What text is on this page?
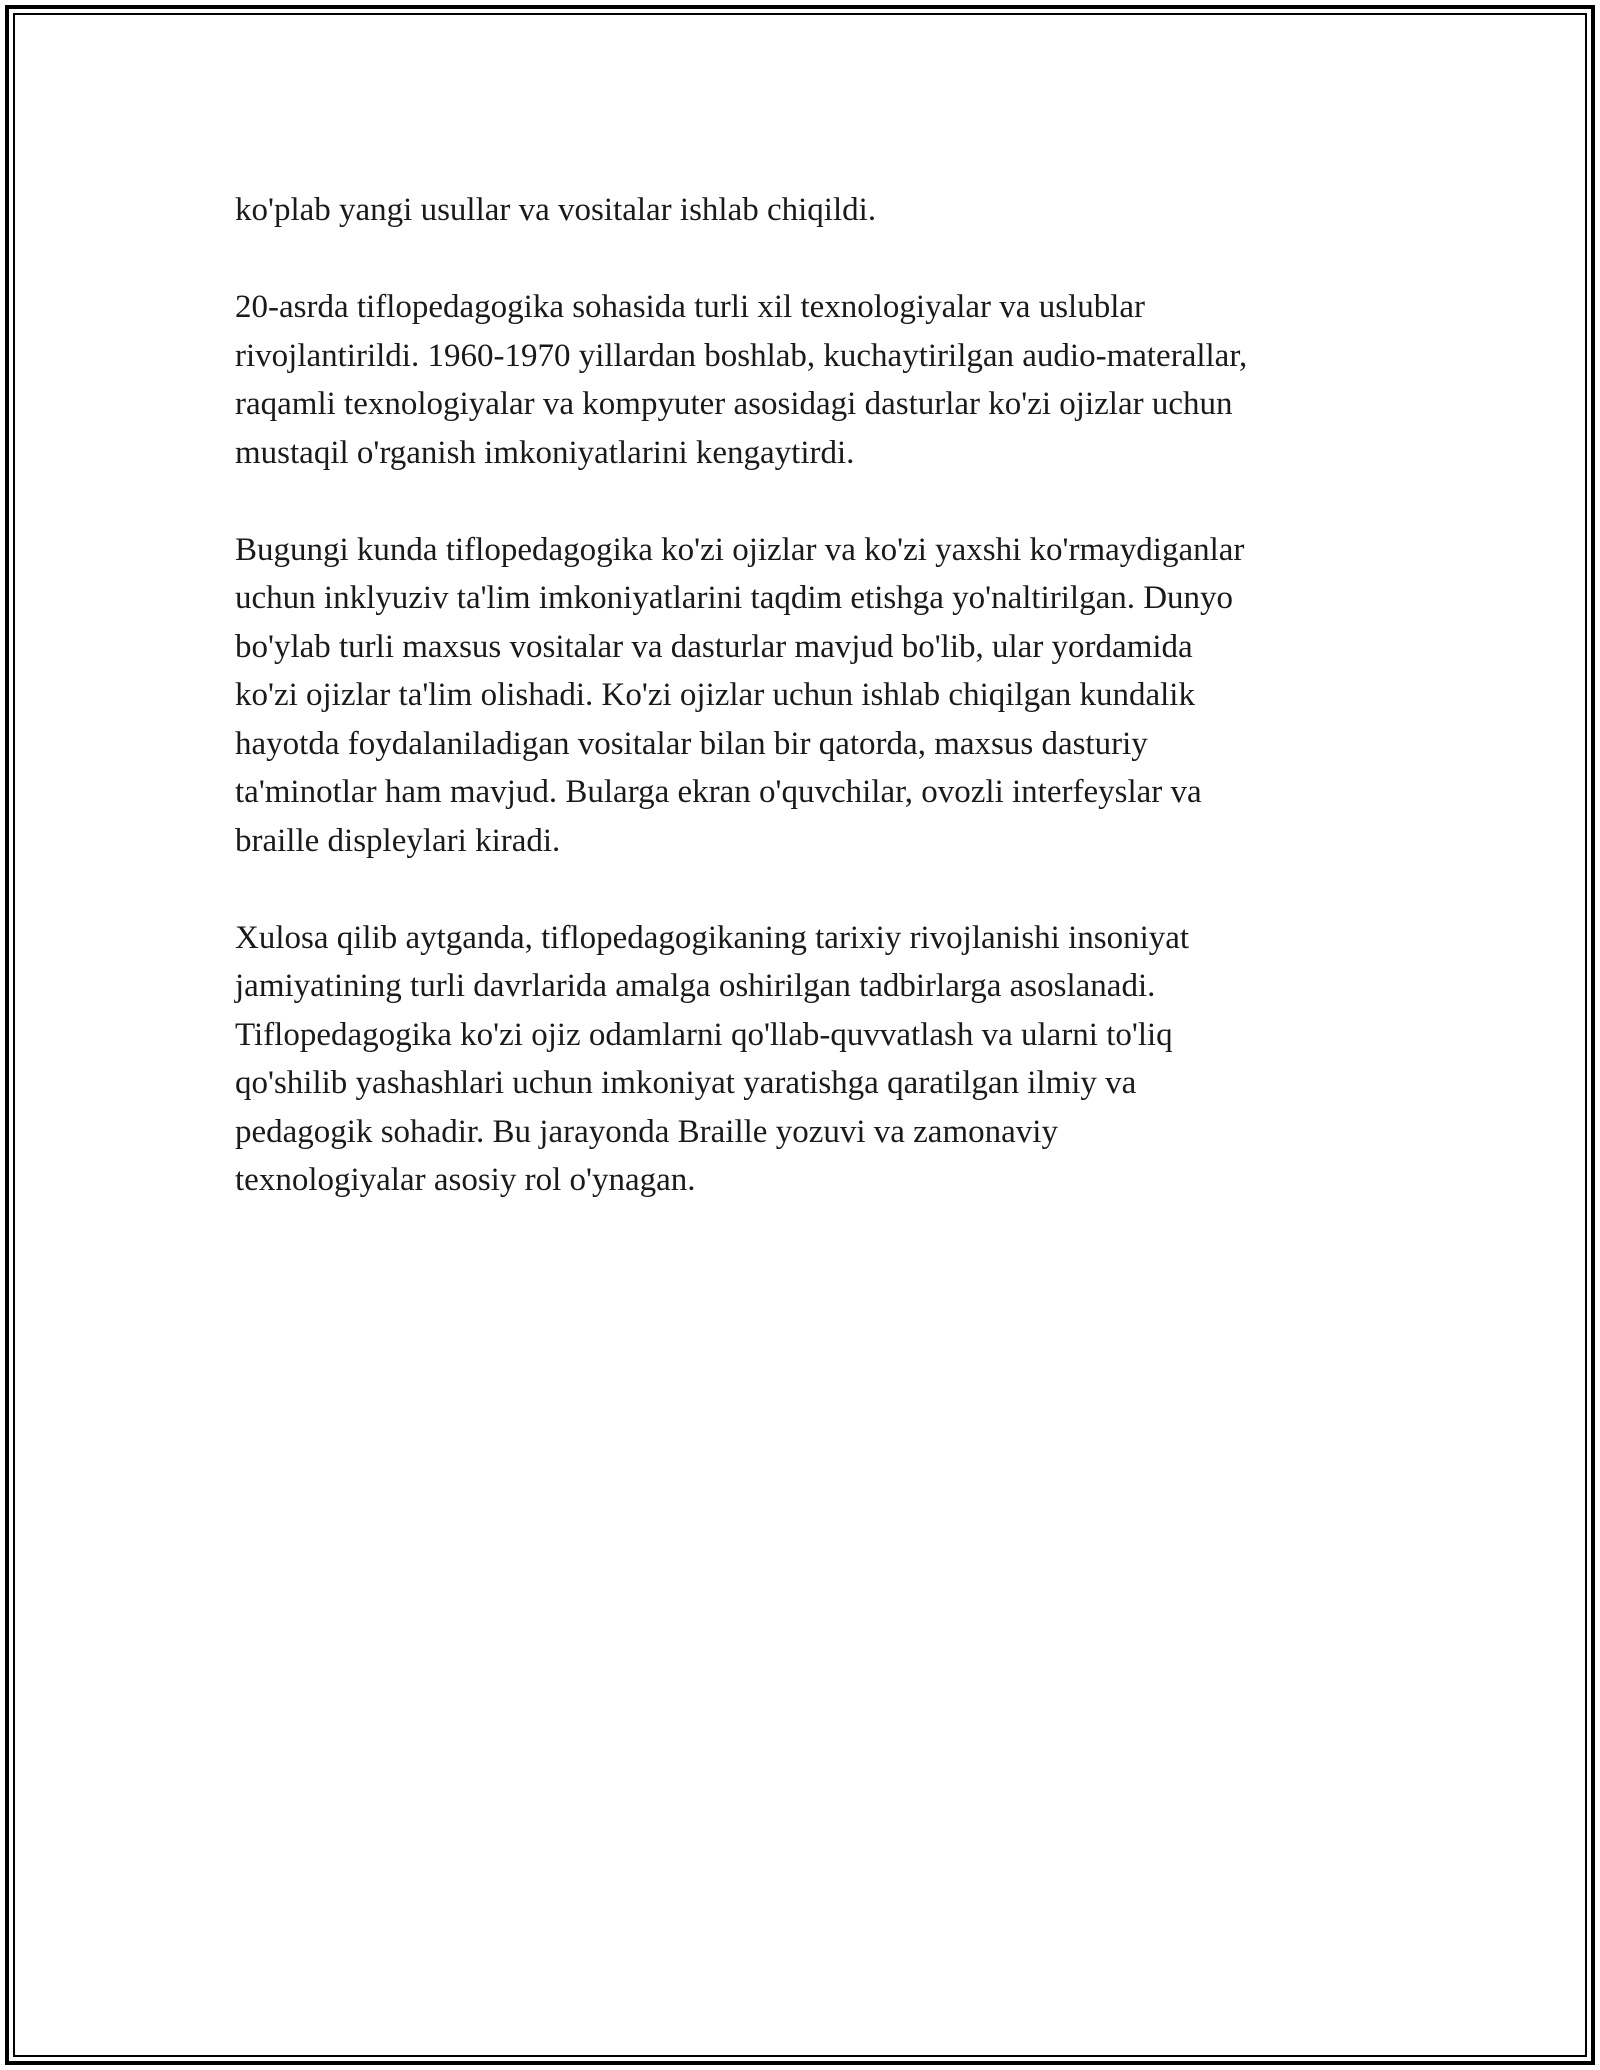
ko'plab yangi usullar va vositalar ishlab chiqildi.

20-asrda tiflopedagogika sohasida turli xil texnologiyalar va uslublar
rivojlantirildi. 1960-1970 yillardan boshlab, kuchaytirilgan audio-materallar,
raqamli texnologiyalar va kompyuter asosidagi dasturlar ko'zi ojizlar uchun
mustaqil o'rganish imkoniyatlarini kengaytirdi.

Bugungi kunda tiflopedagogika ko'zi ojizlar va ko'zi yaxshi ko'rmaydiganlar
uchun inklyuziv ta'lim imkoniyatlarini taqdim etishga yo'naltirilgan. Dunyo
bo'ylab turli maxsus vositalar va dasturlar mavjud bo'lib, ular yordamida
ko'zi ojizlar ta'lim olishadi. Ko'zi ojizlar uchun ishlab chiqilgan kundalik
hayotda foydalaniladigan vositalar bilan bir qatorda, maxsus dasturiy
ta'minotlar ham mavjud. Bularga ekran o'quvchilar, ovozli interfeyslar va
braille displeylari kiradi.

Xulosa qilib aytganda, tiflopedagogikaning tarixiy rivojlanishi insoniyat
jamiyatining turli davrlarida amalga oshirilgan tadbirlarga asoslanadi.
Tiflopedagogika ko'zi ojiz odamlarni qo'llab-quvvatlash va ularni to'liq
qo'shilib yashashlari uchun imkoniyat yaratishga qaratilgan ilmiy va
pedagogik sohadir. Bu jarayonda Braille yozuvi va zamonaviy
texnologiyalar asosiy rol o'ynagan.
